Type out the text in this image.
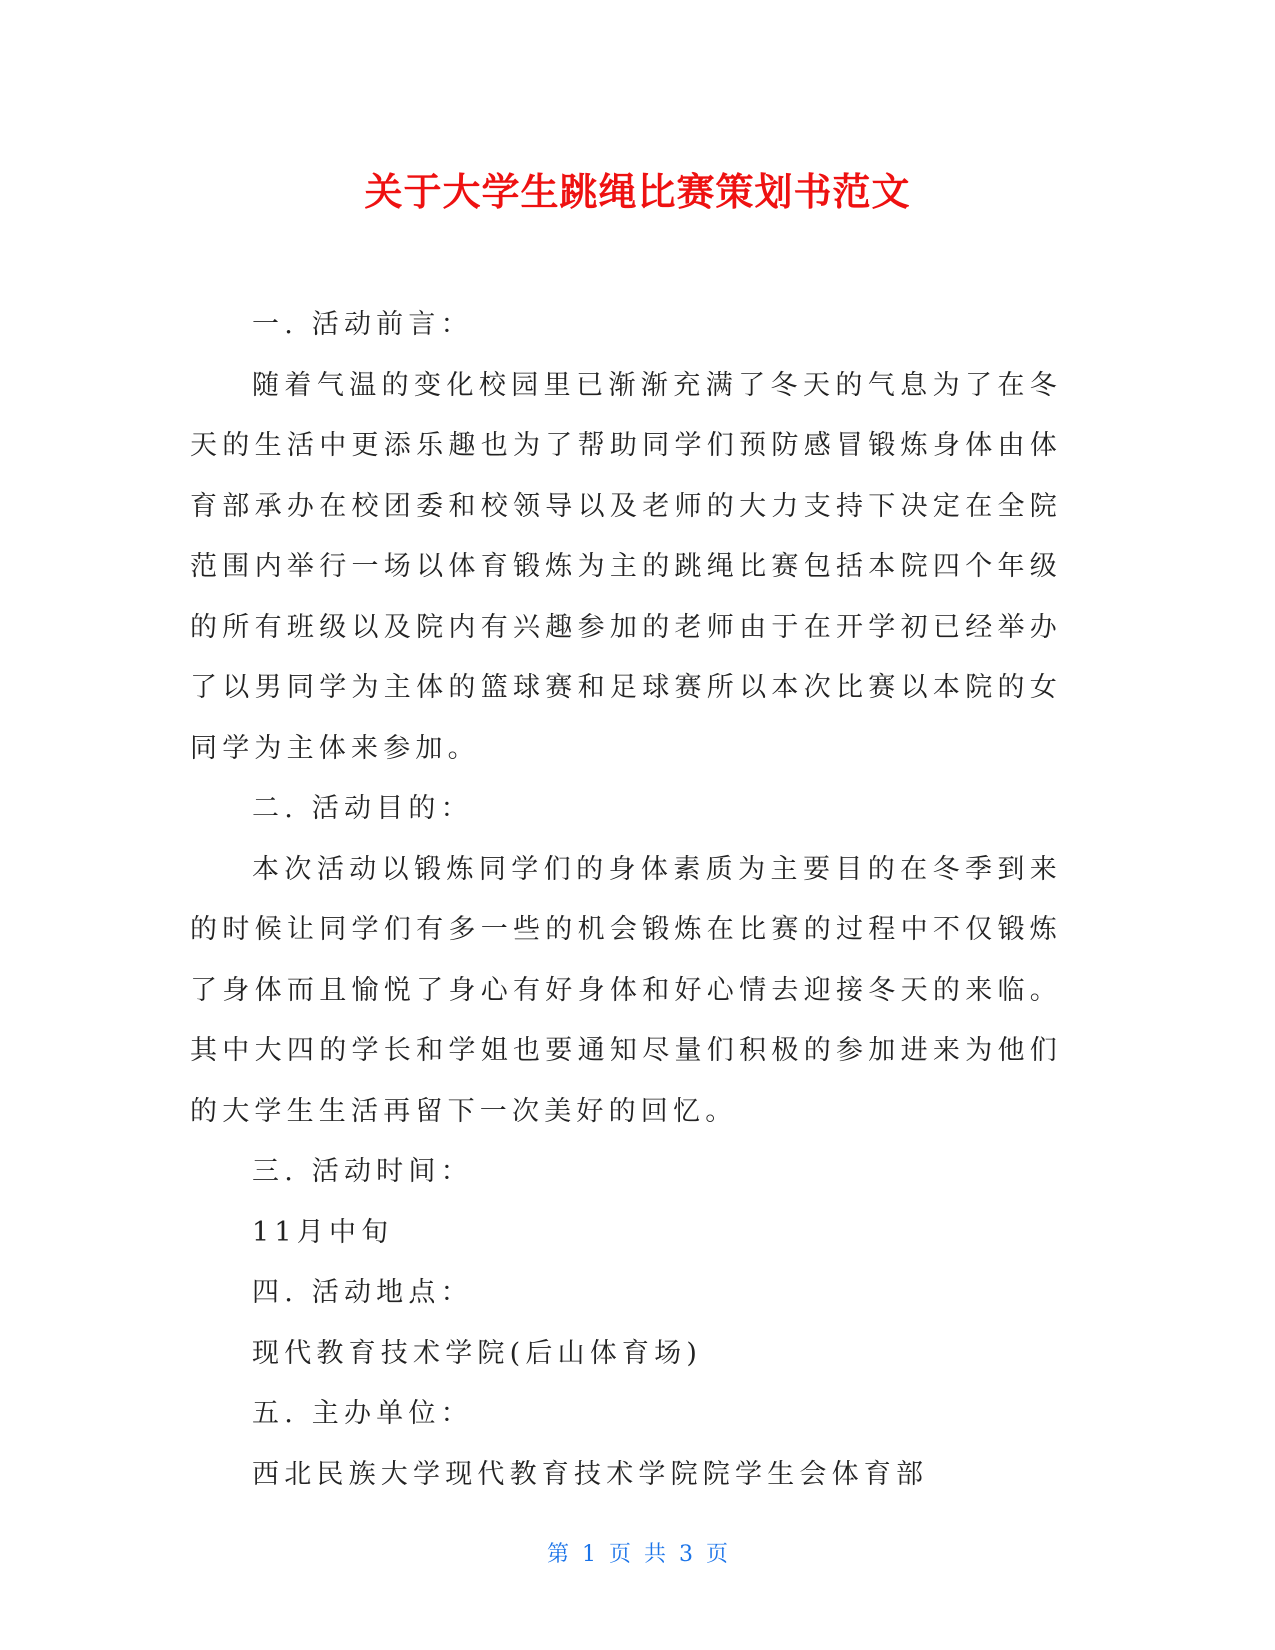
关于大学生跳绳比赛策划书范文

一. 活动前言：

随着气温的变化校园里已渐渐充满了冬天的气息为了在冬天的生活中更添乐趣也为了帮助同学们预防感冒锻炼身体由体育部承办在校团委和校领导以及老师的大力支持下决定在全院范围内举行一场以体育锻炼为主的跳绳比赛包括本院四个年级的所有班级以及院内有兴趣参加的老师由于在开学初已经举办了以男同学为主体的篮球赛和足球赛所以本次比赛以本院的女同学为主体来参加。

二. 活动目的：

本次活动以锻炼同学们的身体素质为主要目的在冬季到来的时候让同学们有多一些的机会锻炼在比赛的过程中不仅锻炼了身体而且愉悦了身心有好身体和好心情去迎接冬天的来临。其中大四的学长和学姐也要通知尽量们积极的参加进来为他们的大学生生活再留下一次美好的回忆。

三. 活动时间：

11月中旬

四. 活动地点：

现代教育技术学院(后山体育场)

五. 主办单位：

西北民族大学现代教育技术学院院学生会体育部

第 1 页 共 3 页
